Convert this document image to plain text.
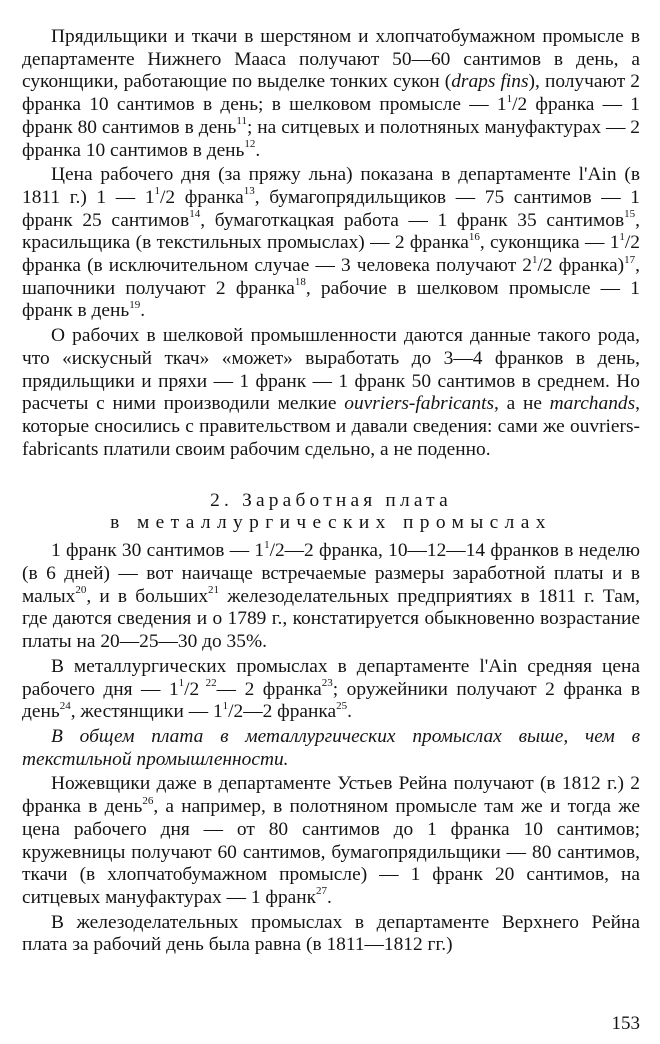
Прядильщики и ткачи в шерстяном и хлопчатобумажном промысле в департаменте Нижнего Мааса получают 50—60 сантимов в день, а суконщики, работающие по выделке тонких сукон (draps fins), получают 2 франка 10 сантимов в день; в шелковом промысле — $1^1/2$ франка — 1 франк 80 сантимов в день$^{11}$; на ситцевых и полотняных мануфактурах — 2 франка 10 сантимов в день$^{12}$.

Цена рабочего дня (за пряжу льна) показана в департаменте l'Ain (в 1811 г.) 1 — $1^1/2$ франка$^{13}$, бумагопрядильщиков — 75 сантимов — 1 франк 25 сантимов$^{14}$, бумаготкацкая работа — 1 франк 35 сантимов$^{15}$, красильщика (в текстильных промыслах) — 2 франка$^{16}$, суконщика — $1^1/2$ франка (в исключительном случае — 3 человека получают $2^1/2$ франка)$^{17}$, шапочники получают 2 франка$^{18}$, рабочие в шелковом промысле — 1 франк в день$^{19}$.

О рабочих в шелковой промышленности даются данные такого рода, что «искусный ткач» «может» выработать до 3—4 франков в день, прядильщики и пряхи — 1 франк — 1 франк 50 сантимов в среднем. Но расчеты с ними производили мелкие ouvriers-fabricants, а не marchands, которые сносились с правительством и давали сведения: сами же ouvriers-fabricants платили своим рабочим сдельно, а не поденно.

2. Заработная плата
в металлургических промыслах

1 франк 30 сантимов — $1^1/2—2$ франка, 10—12—14 франков в неделю (в 6 дней) — вот наичаще встречаемые размеры заработной платы и в малых$^{20}$, и в больших$^{21}$ железоделательных предприятиях в 1811 г. Там, где даются сведения и о 1789 г., констатируется обыкновенно возрастание платы на 20—25—30 до 35%.

В металлургических промыслах в департаменте l'Ain средняя цена рабочего дня — $1^1/2$ $^{22}$— 2 франка$^{23}$; оружейники получают 2 франка в день$^{24}$, жестянщики — $1^1/2—2$ франка$^{25}$.

В общем плата в металлургических промыслах выше, чем в текстильной промышленности.

Ножевщики даже в департаменте Устьев Рейна получают (в 1812 г.) 2 франка в день$^{26}$, а например, в полотняном промысле там же и тогда же цена рабочего дня — от 80 сантимов до 1 франка 10 сантимов; кружевницы получают 60 сантимов, бумагопрядильщики — 80 сантимов, ткачи (в хлопчатобумажном промысле) — 1 франк 20 сантимов, на ситцевых мануфактурах — 1 франк$^{27}$.

В железоделательных промыслах в департаменте Верхнего Рейна плата за рабочий день была равна (в 1811—1812 гг.)

153
